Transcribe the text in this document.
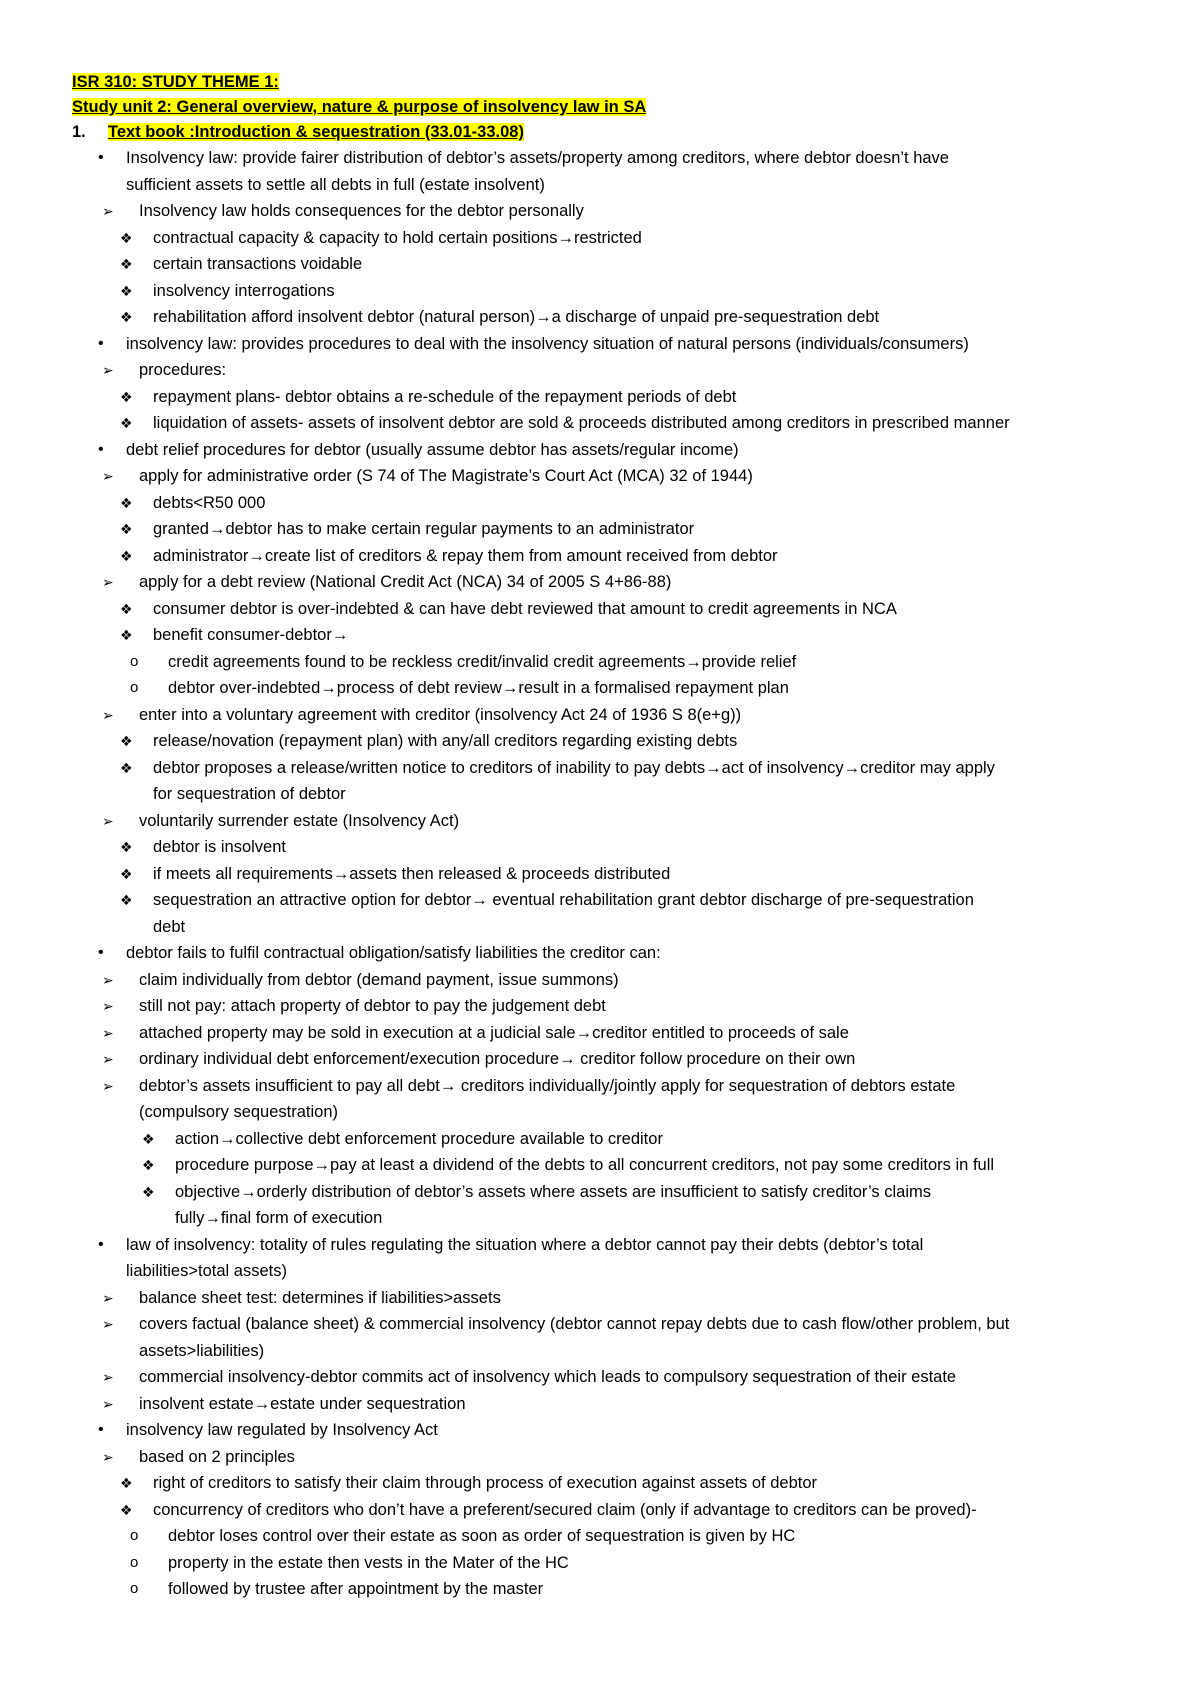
ISR 310: STUDY THEME 1:
Study unit 2: General overview, nature & purpose of insolvency law in SA
1. Text book :Introduction & sequestration (33.01-33.08)
• Insolvency law: provide fairer distribution of debtor’s assets/property among creditors, where debtor doesn’t have
sufficient assets to settle all debts in full (estate insolvent)
➢ Insolvency law holds consequences for the debtor personally
❖ contractual capacity & capacity to hold certain positions→restricted
❖ certain transactions voidable
❖ insolvency interrogations
❖ rehabilitation afford insolvent debtor (natural person)→a discharge of unpaid pre-sequestration debt
• insolvency law: provides procedures to deal with the insolvency situation of natural persons (individuals/consumers)
➢ procedures:
❖ repayment plans- debtor obtains a re-schedule of the repayment periods of debt
❖ liquidation of assets- assets of insolvent debtor are sold & proceeds distributed among creditors in prescribed manner
• debt relief procedures for debtor (usually assume debtor has assets/regular income)
➢ apply for administrative order (S 74 of The Magistrate’s Court Act (MCA) 32 of 1944)
❖ debts<R50 000
❖ granted→debtor has to make certain regular payments to an administrator
❖ administrator→create list of creditors & repay them from amount received from debtor
➢ apply for a debt review (National Credit Act (NCA) 34 of 2005 S 4+86-88)
❖ consumer debtor is over-indebted & can have debt reviewed that amount to credit agreements in NCA
❖ benefit consumer-debtor→
o credit agreements found to be reckless credit/invalid credit agreements→provide relief
o debtor over-indebted→process of debt review→result in a formalised repayment plan
➢ enter into a voluntary agreement with creditor (insolvency Act 24 of 1936 S 8(e+g))
❖ release/novation (repayment plan) with any/all creditors regarding existing debts
❖ debtor proposes a release/written notice to creditors of inability to pay debts→act of insolvency→creditor may apply
for sequestration of debtor
➢ voluntarily surrender estate (Insolvency Act)
❖ debtor is insolvent
❖ if meets all requirements→assets then released & proceeds distributed
❖ sequestration an attractive option for debtor→ eventual rehabilitation grant debtor discharge of pre-sequestration
debt
• debtor fails to fulfil contractual obligation/satisfy liabilities the creditor can:
➢ claim individually from debtor (demand payment, issue summons)
➢ still not pay: attach property of debtor to pay the judgement debt
➢ attached property may be sold in execution at a judicial sale→creditor entitled to proceeds of sale
➢ ordinary individual debt enforcement/execution procedure→ creditor follow procedure on their own
➢ debtor’s assets insufficient to pay all debt→ creditors individually/jointly apply for sequestration of debtors estate
(compulsory sequestration)
❖ action→collective debt enforcement procedure available to creditor
❖ procedure purpose→pay at least a dividend of the debts to all concurrent creditors, not pay some creditors in full
❖ objective→orderly distribution of debtor’s assets where assets are insufficient to satisfy creditor’s claims
fully→final form of execution
• law of insolvency: totality of rules regulating the situation where a debtor cannot pay their debts (debtor’s total
liabilities>total assets)
➢ balance sheet test: determines if liabilities>assets
➢ covers factual (balance sheet) & commercial insolvency (debtor cannot repay debts due to cash flow/other problem, but
assets>liabilities)
➢ commercial insolvency-debtor commits act of insolvency which leads to compulsory sequestration of their estate
➢ insolvent estate→estate under sequestration
• insolvency law regulated by Insolvency Act
➢ based on 2 principles
❖ right of creditors to satisfy their claim through process of execution against assets of debtor
❖ concurrency of creditors who don’t have a preferent/secured claim (only if advantage to creditors can be proved)-
o debtor loses control over their estate as soon as order of sequestration is given by HC
o property in the estate then vests in the Mater of the HC
o followed by trustee after appointment by the master
